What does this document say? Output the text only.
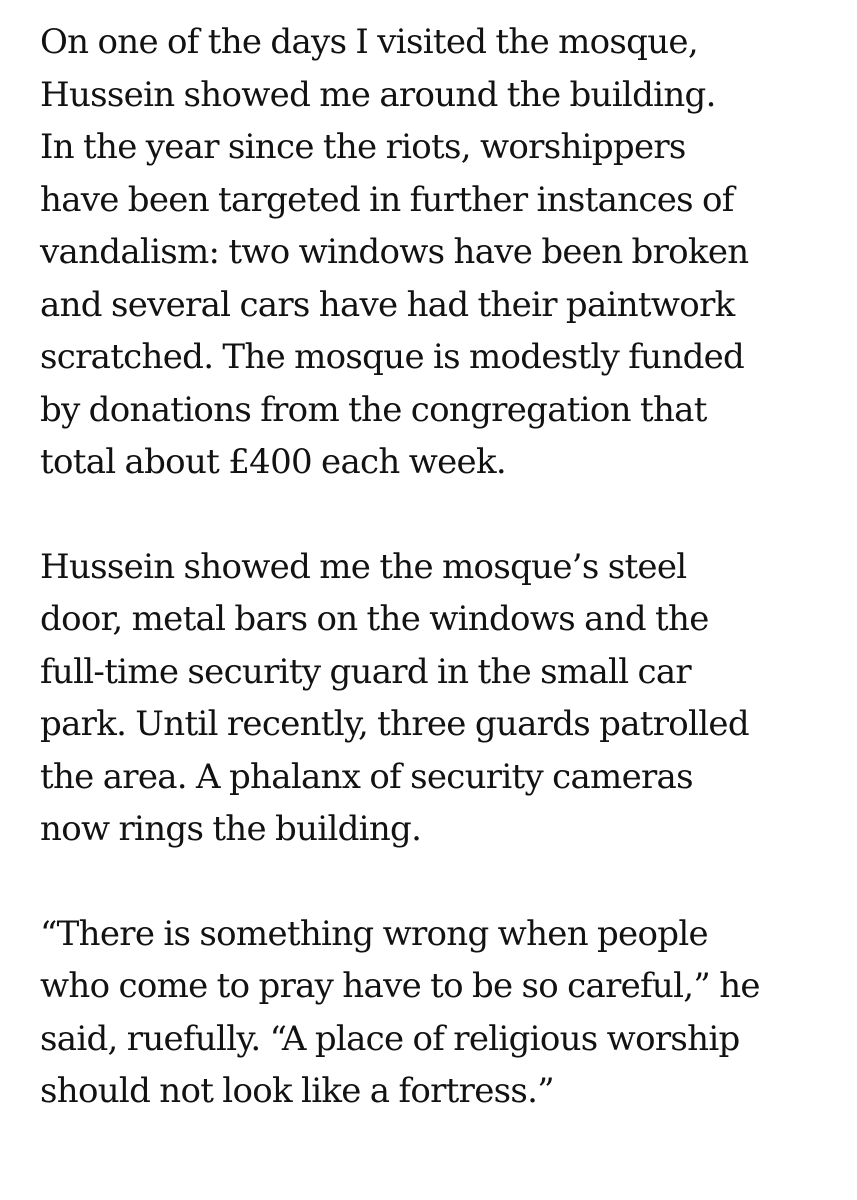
On one of the days I visited the mosque,
Hussein showed me around the building.
In the year since the riots, worshippers
have been targeted in further instances of
vandalism: two windows have been broken
and several cars have had their paintwork
scratched. The mosque is modestly funded
by donations from the congregation that
total about £400 each week.

Hussein showed me the mosque’s steel
door, metal bars on the windows and the
full-time security guard in the small car
park. Until recently, three guards patrolled
the area. A phalanx of security cameras
now rings the building.

“There is something wrong when people
who come to pray have to be so careful,” he
said, ruefully. “A place of religious worship
should not look like a fortress.”
